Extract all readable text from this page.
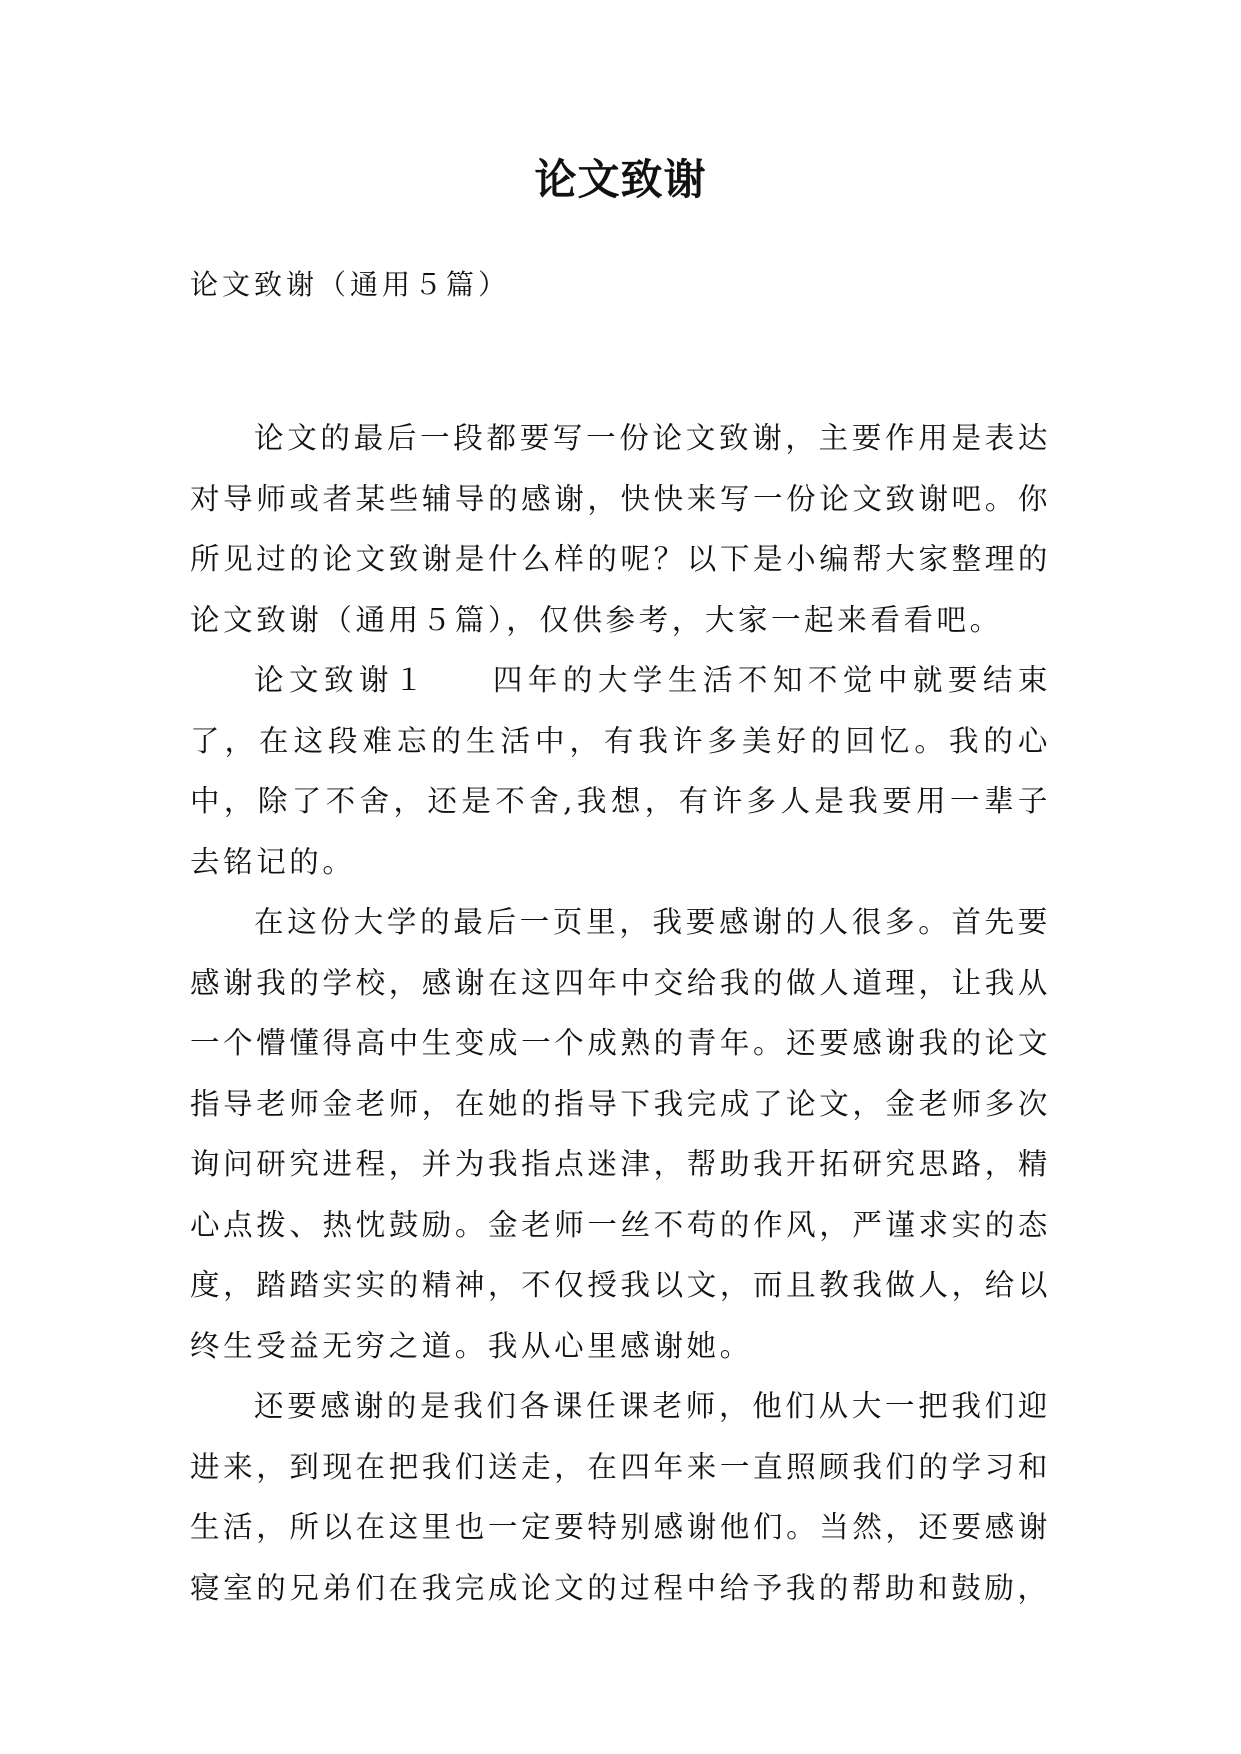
论文致谢
论文致谢（通用５篇）

论文的最后一段都要写一份论文致谢，主要作用是表达对导师或者某些辅导的感谢，快快来写一份论文致谢吧。你所见过的论文致谢是什么样的呢？以下是小编帮大家整理的论文致谢（通用５篇），仅供参考，大家一起来看看吧。

论文致谢１ 四年的大学生活不知不觉中就要结束了，在这段难忘的生活中，有我许多美好的回忆。我的心中，除了不舍，还是不舍,我想，有许多人是我要用一辈子去铭记的。

在这份大学的最后一页里，我要感谢的人很多。首先要感谢我的学校，感谢在这四年中交给我的做人道理，让我从一个懵懂得高中生变成一个成熟的青年。还要感谢我的论文指导老师金老师，在她的指导下我完成了论文，金老师多次询问研究进程，并为我指点迷津，帮助我开拓研究思路，精心点拨、热忱鼓励。金老师一丝不苟的作风，严谨求实的态度，踏踏实实的精神，不仅授我以文，而且教我做人，给以终生受益无穷之道。我从心里感谢她。

还要感谢的是我们各课任课老师，他们从大一把我们迎进来，到现在把我们送走，在四年来一直照顾我们的学习和生活，所以在这里也一定要特别感谢他们。当然，还要感谢寝室的兄弟们在我完成论文的过程中给予我的帮助和鼓励，
